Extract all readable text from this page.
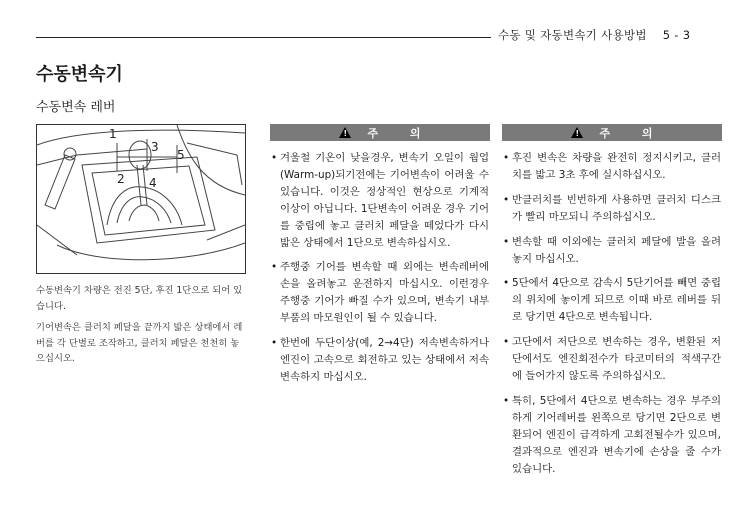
수동 및 자동변속기 사용방법 5 - 3
수동변속기
수동변속 레버
1
3
5
2 4

수동변속기 차량은 전진 5단, 후진 1단으로 되어 있습니다.

기어변속은 클러치 페달을 끝까지 밟은 상태에서 레버를 각 단별로 조작하고, 클러치 페달은 천천히 놓으십시오.

! 주 의
• 겨울철 기온이 낮을경우, 변속기 오일이 웜업(Warm-up)되기전에는 기어변속이 어려울 수 있습니다. 이것은 정상적인 현상으로 기계적 이상이 아닙니다. 1단변속이 어려운 경우 기어를 중립에 놓고 클러치 페달을 떼었다가 다시 밟은 상태에서 1단으로 변속하십시오.
• 주행중 기어를 변속할 때 외에는 변속레버에 손을 올려놓고 운전하지 마십시오. 이런경우 주행중 기어가 빠질 수가 있으며, 변속기 내부부품의 마모원인이 될 수 있습니다.
• 한번에 두단이상(예, 2→4단) 저속변속하거나 엔진이 고속으로 회전하고 있는 상태에서 저속변속하지 마십시오.
! 주 의
• 후진 변속은 차량을 완전히 정지시키고, 클러치를 밟고 3초 후에 실시하십시오.
• 반클러치를 빈번하게 사용하면 클러치 디스크가 빨리 마모되니 주의하십시오.
• 변속할 때 이외에는 클러치 페달에 발을 올려놓지 마십시오.
• 5단에서 4단으로 감속시 5단기어를 빼면 중립의 위치에 놓이게 되므로 이때 바로 레버를 뒤로 당기면 4단으로 변속됩니다.
• 고단에서 저단으로 변속하는 경우, 변환된 저단에서도 엔진회전수가 타코미터의 적색구간에 들어가지 않도록 주의하십시오.
• 특히, 5단에서 4단으로 변속하는 경우 부주의하게 기어레버를 왼쪽으로 당기면 2단으로 변환되어 엔진이 급격하게 고회전될수가 있으며, 결과적으로 엔진과 변속기에 손상을 줄 수가 있습니다.
